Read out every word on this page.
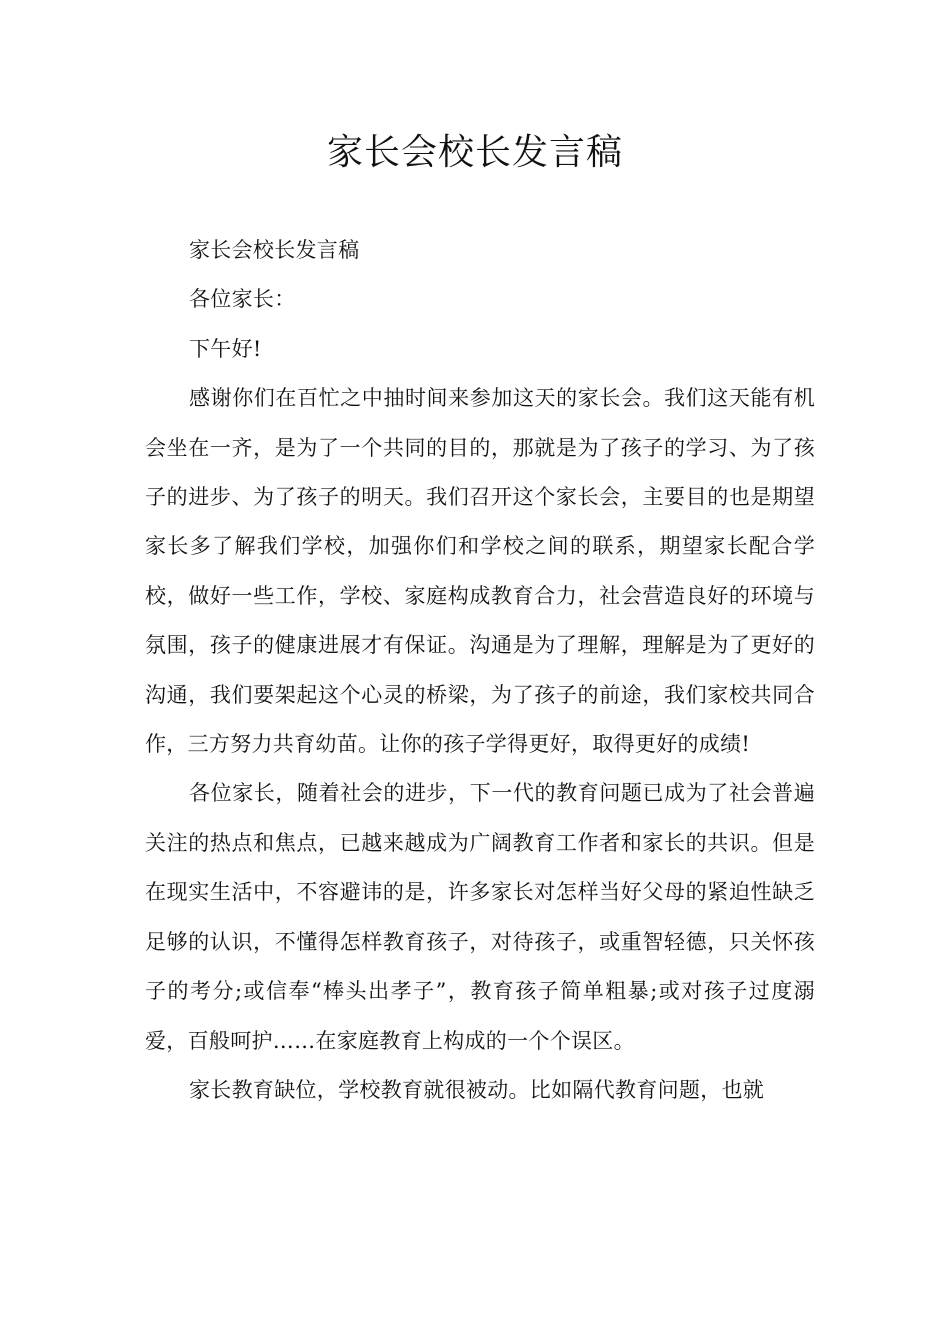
家长会校长发言稿

家长会校长发言稿

各位家长：

下午好!

感谢你们在百忙之中抽时间来参加这天的家长会。我们这天能有机会坐在一齐，是为了一个共同的目的，那就是为了孩子的学习、为了孩子的进步、为了孩子的明天。我们召开这个家长会，主要目的也是期望家长多了解我们学校，加强你们和学校之间的联系，期望家长配合学校，做好一些工作，学校、家庭构成教育合力，社会营造良好的环境与氛围，孩子的健康进展才有保证。沟通是为了理解，理解是为了更好的沟通，我们要架起这个心灵的桥梁，为了孩子的前途，我们家校共同合作，三方努力共育幼苗。让你的孩子学得更好，取得更好的成绩!

各位家长，随着社会的进步，下一代的教育问题已成为了社会普遍关注的热点和焦点，已越来越成为广阔教育工作者和家长的共识。但是在现实生活中，不容避讳的是，许多家长对怎样当好父母的紧迫性缺乏足够的认识，不懂得怎样教育孩子，对待孩子，或重智轻德，只关怀孩子的考分;或信奉“棒头出孝子”，教育孩子简单粗暴;或对孩子过度溺爱，百般呵护……在家庭教育上构成的一个个误区。

家长教育缺位，学校教育就很被动。比如隔代教育问题，也就
